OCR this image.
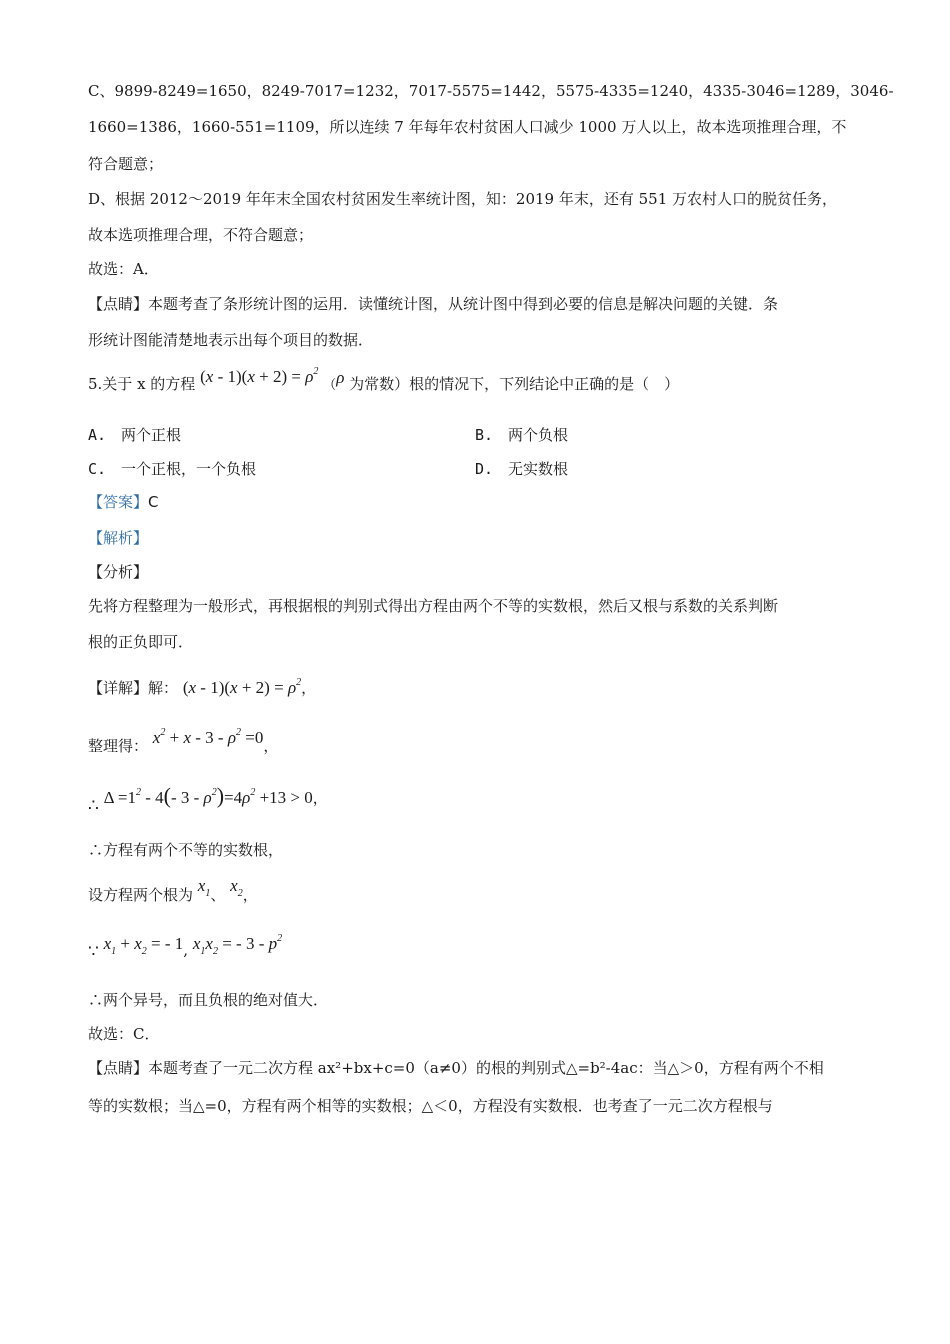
C、9899-8249=1650，8249-7017=1232，7017-5575=1442，5575-4335=1240，4335-3046=1289，3046-
1660=1386，1660-551=1109，所以连续 7 年每年农村贫困人口减少 1000 万人以上，故本选项推理合理，不
符合题意；
D、根据 2012～2019 年年末全国农村贫困发生率统计图，知：2019 年末，还有 551 万农村人口的脱贫任务，
故本选项推理合理，不符合题意；
故选：A．
【点睛】本题考查了条形统计图的运用．读懂统计图，从统计图中得到必要的信息是解决问题的关键．条
形统计图能清楚地表示出每个项目的数据．
5.关于 x 的方程 $(x - 1)(x + 2) = \rho^2$ （ρ 为常数）根的情况下，下列结论中正确的是（　）
A.　两个正根	B.　两个负根
C.　一个正根，一个负根	D.　无实数根
【答案】C
【解析】
【分析】
先将方程整理为一般形式，再根据根的判别式得出方程由两个不等的实数根，然后又根与系数的关系判断
根的正负即可．
【详解】解： $(x - 1)(x + 2) = \rho^2$，
整理得： $x^2 + x - 3 - \rho^2 =0$，
∴ $\Delta =1^2 - 4(-$ $3 - \rho^2)=4\rho^2 +13 > 0$，
∴方程有两个不等的实数根，
设方程两个根为 $x_1$、 $x_2$，
∵ $x_1 + x_2$ = - 1, $x_1x_2$ = - $3 - p^2$
∴两个异号，而且负根的绝对值大．
故选：C．
【点睛】本题考查了一元二次方程 ax²+bx+c=0（a≠0）的根的判别式△=b²-4ac：当△＞0，方程有两个不相
等的实数根；当△=0，方程有两个相等的实数根；△＜0，方程没有实数根．也考查了一元二次方程根与
